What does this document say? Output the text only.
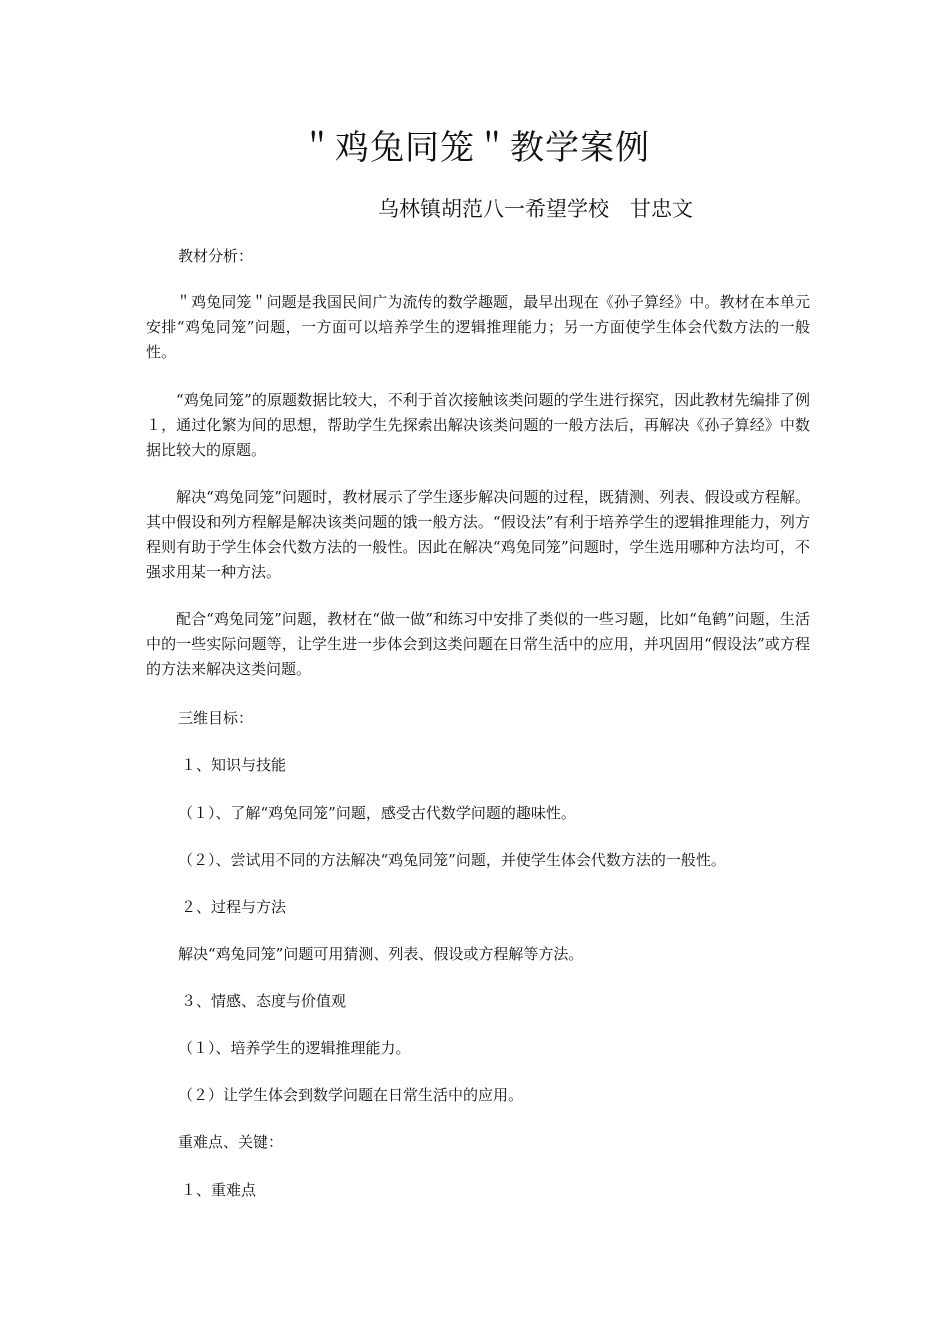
＂鸡兔同笼＂教学案例
乌林镇胡范八一希望学校　甘忠文
教材分析：
＂鸡兔同笼＂问题是我国民间广为流传的数学趣题，最早出现在《孙子算经》中。教材在本单元安排“鸡兔同笼”问题，一方面可以培养学生的逻辑推理能力；另一方面使学生体会代数方法的一般性。
“鸡兔同笼”的原题数据比较大，不利于首次接触该类问题的学生进行探究，因此教材先编排了例１，通过化繁为间的思想，帮助学生先探索出解决该类问题的一般方法后，再解决《孙子算经》中数据比较大的原题。
解决“鸡兔同笼”问题时，教材展示了学生逐步解决问题的过程，既猜测、列表、假设或方程解。其中假设和列方程解是解决该类问题的饿一般方法。“假设法”有利于培养学生的逻辑推理能力，列方程则有助于学生体会代数方法的一般性。因此在解决“鸡兔同笼”问题时，学生选用哪种方法均可，不强求用某一种方法。
配合“鸡兔同笼”问题，教材在“做一做”和练习中安排了类似的一些习题，比如“龟鹤”问题，生活中的一些实际问题等，让学生进一步体会到这类问题在日常生活中的应用，并巩固用“假设法”或方程的方法来解决这类问题。
三维目标：
１、知识与技能
（１）、了解“鸡兔同笼”问题，感受古代数学问题的趣味性。
（２）、尝试用不同的方法解决“鸡兔同笼”问题，并使学生体会代数方法的一般性。
２、过程与方法
解决“鸡兔同笼”问题可用猜测、列表、假设或方程解等方法。
３、情感、态度与价值观
（１）、培养学生的逻辑推理能力。
（２）让学生体会到数学问题在日常生活中的应用。
重难点、关键：
１、重难点
